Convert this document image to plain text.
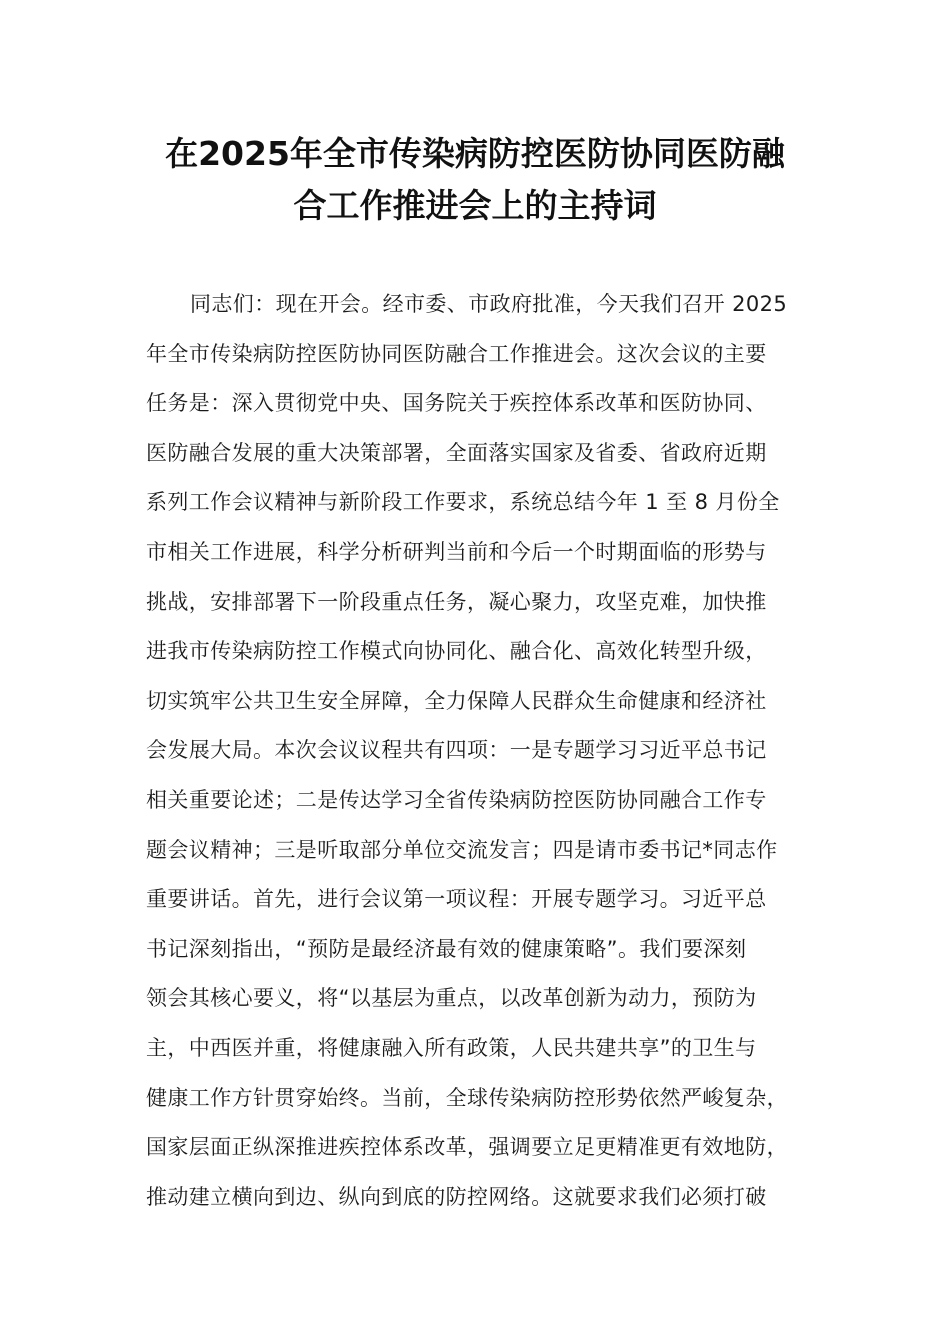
在2025年全市传染病防控医防协同医防融
合工作推进会上的主持词
同志们：现在开会。经市委、市政府批准，今天我们召开 2025
年全市传染病防控医防协同医防融合工作推进会。这次会议的主要
任务是：深入贯彻党中央、国务院关于疾控体系改革和医防协同、
医防融合发展的重大决策部署，全面落实国家及省委、省政府近期
系列工作会议精神与新阶段工作要求，系统总结今年 1 至 8 月份全
市相关工作进展，科学分析研判当前和今后一个时期面临的形势与
挑战，安排部署下一阶段重点任务，凝心聚力，攻坚克难，加快推
进我市传染病防控工作模式向协同化、融合化、高效化转型升级，
切实筑牢公共卫生安全屏障，全力保障人民群众生命健康和经济社
会发展大局。本次会议议程共有四项：一是专题学习习近平总书记
相关重要论述；二是传达学习全省传染病防控医防协同融合工作专
题会议精神；三是听取部分单位交流发言；四是请市委书记*同志作
重要讲话。首先，进行会议第一项议程：开展专题学习。习近平总
书记深刻指出，“预防是最经济最有效的健康策略”。我们要深刻
领会其核心要义，将“以基层为重点，以改革创新为动力，预防为
主，中西医并重，将健康融入所有政策，人民共建共享”的卫生与
健康工作方针贯穿始终。当前，全球传染病防控形势依然严峻复杂，
国家层面正纵深推进疾控体系改革，强调要立足更精准更有效地防，
推动建立横向到边、纵向到底的防控网络。这就要求我们必须打破
